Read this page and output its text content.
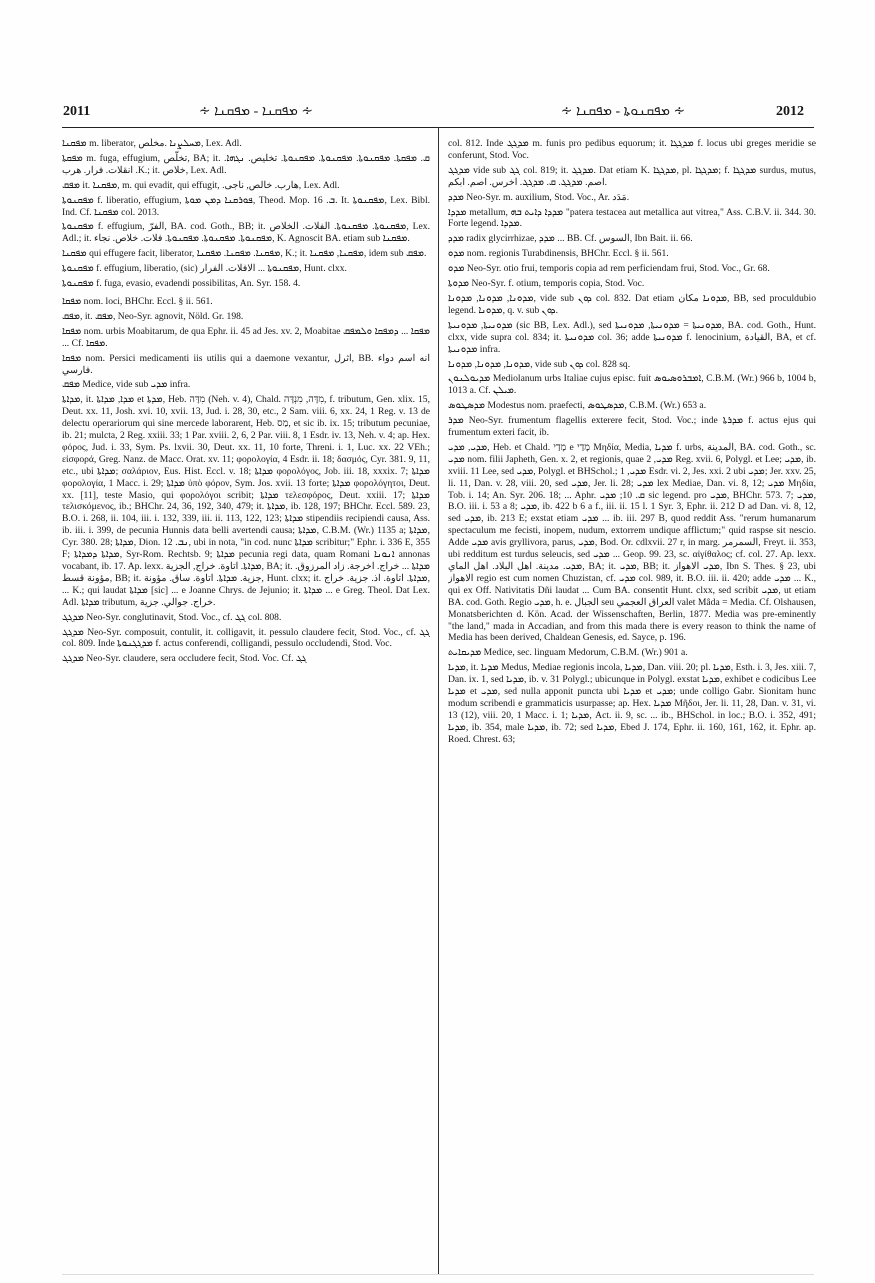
2011	∻ ܡܦܩܢܐ - ܡܦܩܢܐ ∻	∻ ܡܦܩܢܘܬܐ - ܡܦܩܢܐ ∻	2012

ܡܦܩܢܐ m. liberator, ܡܚܠܨܢܐ .مخلّص, Lex. Adl.

ܡܦܩܬܐ m. fuga, effugium, تخلّص, BA; it. ܩ. ܡܦܩܬܐ. ܡܦܩܢܘܬܐ. ܡܦܩܢܘܬܐ. ܡܦܩܢܘܬܐ. تخليص. ܢܓܗܐ. انقلات. فرار. هرب .K.; it. خلاص, Lex. Adl.

ܡܦܩ it. ܡܦܩܢܐ, m. qui evadit, qui effugit, .هارب. خالص, ناجى, Lex. Adl.

ܡܦܩܢܘܬܐ f. liberatio, effugium, ܦܘܪܩܢܐ ܕܡܢ ܡܘܬܐ, Theod. Mop. ܒ. 16. It. ܡܦܩܢܘܬܐ, Lex. Bibl. Ind. Cf. ܡܦܩܢܐ col. 2013.

ܡܦܩܢܘܬܐ f. effugium, الفرّ, BA. cod. Goth., BB; it. ܡܦܩܢܘܬܐ. ܡܦܩܢܘܬܐ. الفلات. الخلاص, Lex. Adl.; it. ܡܦܩܢܘܬܐ. ܡܦܩܢܘܬܐ. ܡܦܩܢܘܬܐ. فلات. خلاص. نجاء, K. Agnoscit BA. etiam sub ܡܦܩܢܐ.

ܡܦܩܢܐ qui effugere facit, liberator, ܡܦܩܢܐ. ܡܦܩܢܐ. ܡܦܩܢܐ, K.; it. ܡܦܩܢܐ, ܡܦܩܢܐ, idem sub ܡܦܩ.

ܡܦܩܢܘܬܐ f. effugium, liberatio, (sic) ܡܦܩܢܘܬܐ ... الافلات. الفرار, Hunt. clxx.

ܡܦܩܢܘܬܐ f. fuga, evasio, evadendi possibilitas, An. Syr. 158. 4.

ܡܦܩܐ nom. loci, BHChr. Eccl. § ii. 561.

ܡܦܩ, it. ܡܦܩ, Neo-Syr. agnovit, Nöld. Gr. 198.

ܡܦܩܐ nom. urbis Moabitarum, de qua Ephr. ii. 45 ad Jes. xv. 2, Moabitae ܡܦܩܐ ... ܕܡܦܩܐ ܘܠܡܦܩ ... Cf. ܡܦܩܐ.

ܡܦܩܐ nom. Persici medicamenti iis utilis qui a daemone vexantur, اثرل, BB. انه اسم دواء فارسي.

ܡܦܩ Medice, vide sub ܡܕܝ infra.

ܡܕܐܬܐ, it. ܡܕܐ, ܡܕܐܬܐ et ܡܕܬܐ, Heb. מִדָּה (Neh. v. 4), Chald. מִדָּה, מִנְדָּה, f. tributum, Gen. xlix. 15, Deut. xx. 11, Josh. xvi. 10, xvii. 13, Jud. i. 28, 30, etc., 2 Sam. viii. 6, xx. 24, 1 Reg. v. 13 de delectu operariorum qui sine mercede laborarent, Heb. מַס, et sic ib. ix. 15; tributum pecuniae, ib. 21; mulcta, 2 Reg. xxiii. 33; 1 Par. xviii. 2, 6, 2 Par. viii. 8, 1 Esdr. iv. 13, Neh. v. 4; ap. Hex. φόρος, Jud. i. 33, Sym. Ps. lxvii. 30, Deut. xx. 11, 10 forte, Threni. i. 1, Luc. xx. 22 VEh.; εἰσφορά, Greg. Nanz. de Macc. Orat. xv. 11; φορολογία, 4 Esdr. ii. 18; δασμός, Cyr. 381. 9, 11, etc., ubi ܡܕܐܬܐ; σαλάριον, Eus. Hist. Eccl. v. 18; ܡܕܐܬܐ φορολόγος, Job. iii. 18, xxxix. 7; ܡܕܐܬܐ φορολογία, 1 Macc. i. 29; ܡܕܐܬܐ ὑπὸ φόρον, Sym. Jos. xvii. 13 forte; ܡܕܐܬܐ φορολόγητοι, Deut. xx. [11], teste Masio, qui φορολόγοι scribit; ܡܕܐܬܐ τελεσφόρος, Deut. xxiii. 17; ܡܕܐܬܐ τελισκόμενος, ib.; BHChr. 24, 36, 192, 340, 479; it. ܡܕܐܬܐ, ib. 128, 197; BHChr. Eccl. 589. 23, B.O. i. 268, ii. 104, iii. i. 132, 339, iii. ii. 113, 122, 123; ܡܕܐܬܐ stipendiis recipiendi causa, Ass. ib. iii. i. 399, de pecunia Hunnis data belli avertendi causa; ܡܕܐܬܐ, C.B.M. (Wr.) 1135 a; ܡܕܐܬܐ, Cyr. 380. 28; ܡܕܐܬܐ, Dion. ܢܒ. 12, ubi in nota, "in cod. nunc ܡܕܐܬܐ scribitur;" Ephr. i. 336 E, 355 F; ܡܕܐܬܐ ܕܡܕܐܬܐ, Syr-Rom. Rechtsb. 9; ܡܕܐܬܐ pecunia regi data, quam Romani ܐܢܘܢܐ annonas vocabant, ib. 17. Ap. lexx. ܡܕܐܬܐ. اتاوة. خراج, الجزية, BA; it. ܡܕܐܬܐ ... خراج. اخرجة. زاد المرزوق. مؤونة قسط, BB; it. جزية. ܡܕܐܬܐ. اتاوة. ساق. مؤونة, Hunt. clxx; it. ܡܕܐܬܐ. اتاوة. اذ. جزية. خراج, ... K.; qui laudat ܡܕܐܬܐ [sic] ... e Joanne Chrys. de Jejunio; it. ܡܕܐܬܐ ... e Greg. Theol. Dat Lex. Adl. ܡܕܐܬܐ tributum, خراج. جوالي. جزية.

ܡܕܓܓ Neo-Syr. conglutinavit, Stod. Voc., cf. ܓܓ col. 808.

ܡܕܓܓ Neo-Syr. composuit, contulit, it. colligavit, it. pessulo claudere fecit, Stod. Voc., cf. ܓܓ col. 809. Inde ܡܕܓܓܢܘܬܐ f. actus conferendi, colligandi, pessulo occludendi, Stod. Voc.

ܡܕܓܓ Neo-Syr. claudere, sera occludere fecit, Stod. Voc. Cf. ܓܓ

col. 812. Inde ܡܕܓܓ m. funis pro pedibus equorum; it. ܡܕܓܓܐ f. locus ubi greges meridie se conferunt, Stod. Voc.

ܡܕܓܓ vide sub ܓܓ col. 819; it. ܡܕܓܓ. Dat etiam K. ܡܕܓܓܐ, pl. ܡܕܓܓܐ; f. ܡܕܓܓܐ surdus, mutus, اصم. ܡܕܓܓ. ܩ. ܡܕܓܓ. اخرس. اصم. ابكم.

ܡܕܕ Neo-Syr. m. auxilium, Stod. Voc., Ar. مَدَد.

ܡܕܕܐ metallum, ܡܕܕܐ ܕܐܝܬ ܒܗ "patera testacea aut metallica aut vitrea," Ass. C.B.V. ii. 344. 30. Forte legend. ܡܕܕܐ.

ܡܕܕ radix glycirrhizae, ܡܕܕ ... BB. Cf. السوس, Ibn Bait. ii. 66.

ܡܕܘ nom. regionis Turabdinensis, BHChr. Eccl. § ii. 561.

ܡܕܘ Neo-Syr. otio frui, temporis copia ad rem perficiendam frui, Stod. Voc., Gr. 68.

ܡܕܘܬܐ Neo-Syr. f. otium, temporis copia, Stod. Voc.

ܡܕܘܢܐ, ܡܕܘܢܐ, ܡܕܘܢܐ, vide sub ܕܘܢ col. 832. Dat etiam ܡܕܘܢܐ مكان, BB, sed proculdubio legend. ܡܕܘܢܐ, q. v. sub ܕܘܢ.

ܡܕܘܢܝܬܐ, ܡܕܘܢܝܬܐ (sic BB, Lex. Adl.), sed ܡܕܘܢܝܬܐ = ܡܕܘܢܝܬܐ, ܡܕܘܢܝܬܐ, BA. cod. Goth., Hunt. clxx, vide supra col. 834; it. ܡܕܘܢܝܬܐ col. 36; adde ܡܕܘܢܝܬܐ f. lenocinium, القيادة, BA, et cf. ܡܕܘܢܝܬܐ infra.

ܡܕܘܢܐ, ܡܕܘܢܐ, ܡܕܘܢܐ, vide sub ܕܘܢ col. 828 sq.

ܡܕܝܘܠܢܘܢ Mediolanum urbs Italiae cujus episc. fuit ܐܡܒܪܘܣܝܘܣ, C.B.M. (Wr.) 966 b, 1004 b, 1013 a. Cf. ܡܝܠܢ.

ܡܕܣܛܘܣ Modestus nom. praefecti, ܡܕܣܛܘܣ, C.B.M. (Wr.) 653 a.

ܡܕܪ Neo-Syr. frumentum flagellis exterere fecit, Stod. Voc.; inde ܡܕܪܬܐ f. actus ejus qui frumentum exteri facit, ib.

ܡܕܝ, ܡܕܝ, Heb. et Chald. מָדַי e מָדַי Μηδία, Media, ܡܕܝܐ f. urbs, المدينة, BA. cod. Goth., sc. ܡܕܝ nom. filii Japheth, Gen. x. 2, et regionis, quae ܡܕܝ, 2 Reg. xvii. 6, Polygl. et Lee; ܡܕܝ, ib. xviii. 11 Lee, sed ܡܕܝ, Polygl. et BHSchol.; ܡܕܝ, 1 Esdr. vi. 2, Jes. xxi. 2 ubi ܡܕܝ; Jer. xxv. 25, li. 11, Dan. v. 28, viii. 20, sed ܡܕܝ, Jer. li. 28; ܡܕܝ lex Mediae, Dan. vi. 8, 12; ܡܕܝ Μηδία, Tob. i. 14; An. Syr. 206. 18; ... Aphr. ܩ. 10; ܡܕܝ sic legend. pro ܡܕܝ, BHChr. 573. 7; ܡܕܝ, B.O. iii. i. 53 a 8; ܡܕܝ, ib. 422 b 6 a f., iii. ii. 15 l. 1 Syr. 3, Ephr. ii. 212 D ad Dan. vi. 8, 12, sed ܡܕܝ, ib. 213 E; exstat etiam ܡܕܝ ... ib. iii. 297 B, quod reddit Ass. "rerum humanarum spectaculum me fecisti, inopem, nudum, extorrem undique afflictum;" quid raspse sit nescio. Adde ܡܕܝ avis gryllivora, parus, ܡܕܝ, Bod. Or. cdlxvii. 27 r, in marg. السمرمر, Freyt. ii. 353, ubi redditum est turdus seleucis, sed ܡܕܝ ... Geop. 99. 23, sc. αἰγίθαλος; cf. col. 27. Ap. lexx. ܡܕܝ. مدينة. اهل البلاد. اهل الماي, BA; it. ܡܕܝ, BB; it. ܡܕܝ الاهواز, Ibn S. Thes. § 23, ubi الاهواز regio est cum nomen Chuzistan, cf. ܡܕܝ col. 989, it. B.O. iii. ii. 420; adde ܡܕܝ ... K., qui ex Off. Nativitatis Dñi laudat ... Cum BA. consentit Hunt. clxx, sed scribit ܡܕܝ, ut etiam BA. cod. Goth. Regio ܡܕܝ, h. e. الجبال seu العراق العجمي valet Mâda = Media. Cf. Olshausen, Monatsberichten d. Kön. Acad. der Wissenschaften, Berlin, 1877. Media was pre-eminently "the land," mada in Accadian, and from this mada there is every reason to think the name of Media has been derived, Chaldean Genesis, ed. Sayce, p. 196.

ܡܕܝܩܐܝܬ Medice, sec. linguam Medorum, C.B.M. (Wr.) 901 a.

ܡܕܝܐ, it. ܡܕܝܐ Medus, Mediae regionis incola, ܡܕܝܐ, Dan. viii. 20; pl. ܡܕܝܐ, Esth. i. 3, Jes. xiii. 7, Dan. ix. 1, sed ܡܕܝܐ, ib. v. 31 Polygl.; ubicunque in Polygl. exstat ܡܕܝܐ, exhibet e codicibus Lee ܡܕܝܐ et ܡܕܝ, sed nulla apponit puncta ubi ܡܕܝܐ et ܡܕܝ; unde colligo Gabr. Sionitam hunc modum scribendi e grammaticis usurpasse; ap. Hex. ܡܕܝܐ Μῆδοι, Jer. li. 11, 28, Dan. v. 31, vi. 13 (12), viii. 20, 1 Macc. i. 1; ܡܕܝܐ, Act. ii. 9, sc. ... ib., BHSchol. in loc.; B.O. i. 352, 491; ܡܕܝܐ, ib. 354, male ܡܕܝܐ, ib. 72; sed ܡܕܝܐ, Ebed J. 174, Ephr. ii. 160, 161, 162, it. Ephr. ap. Roed. Chrest. 63;
